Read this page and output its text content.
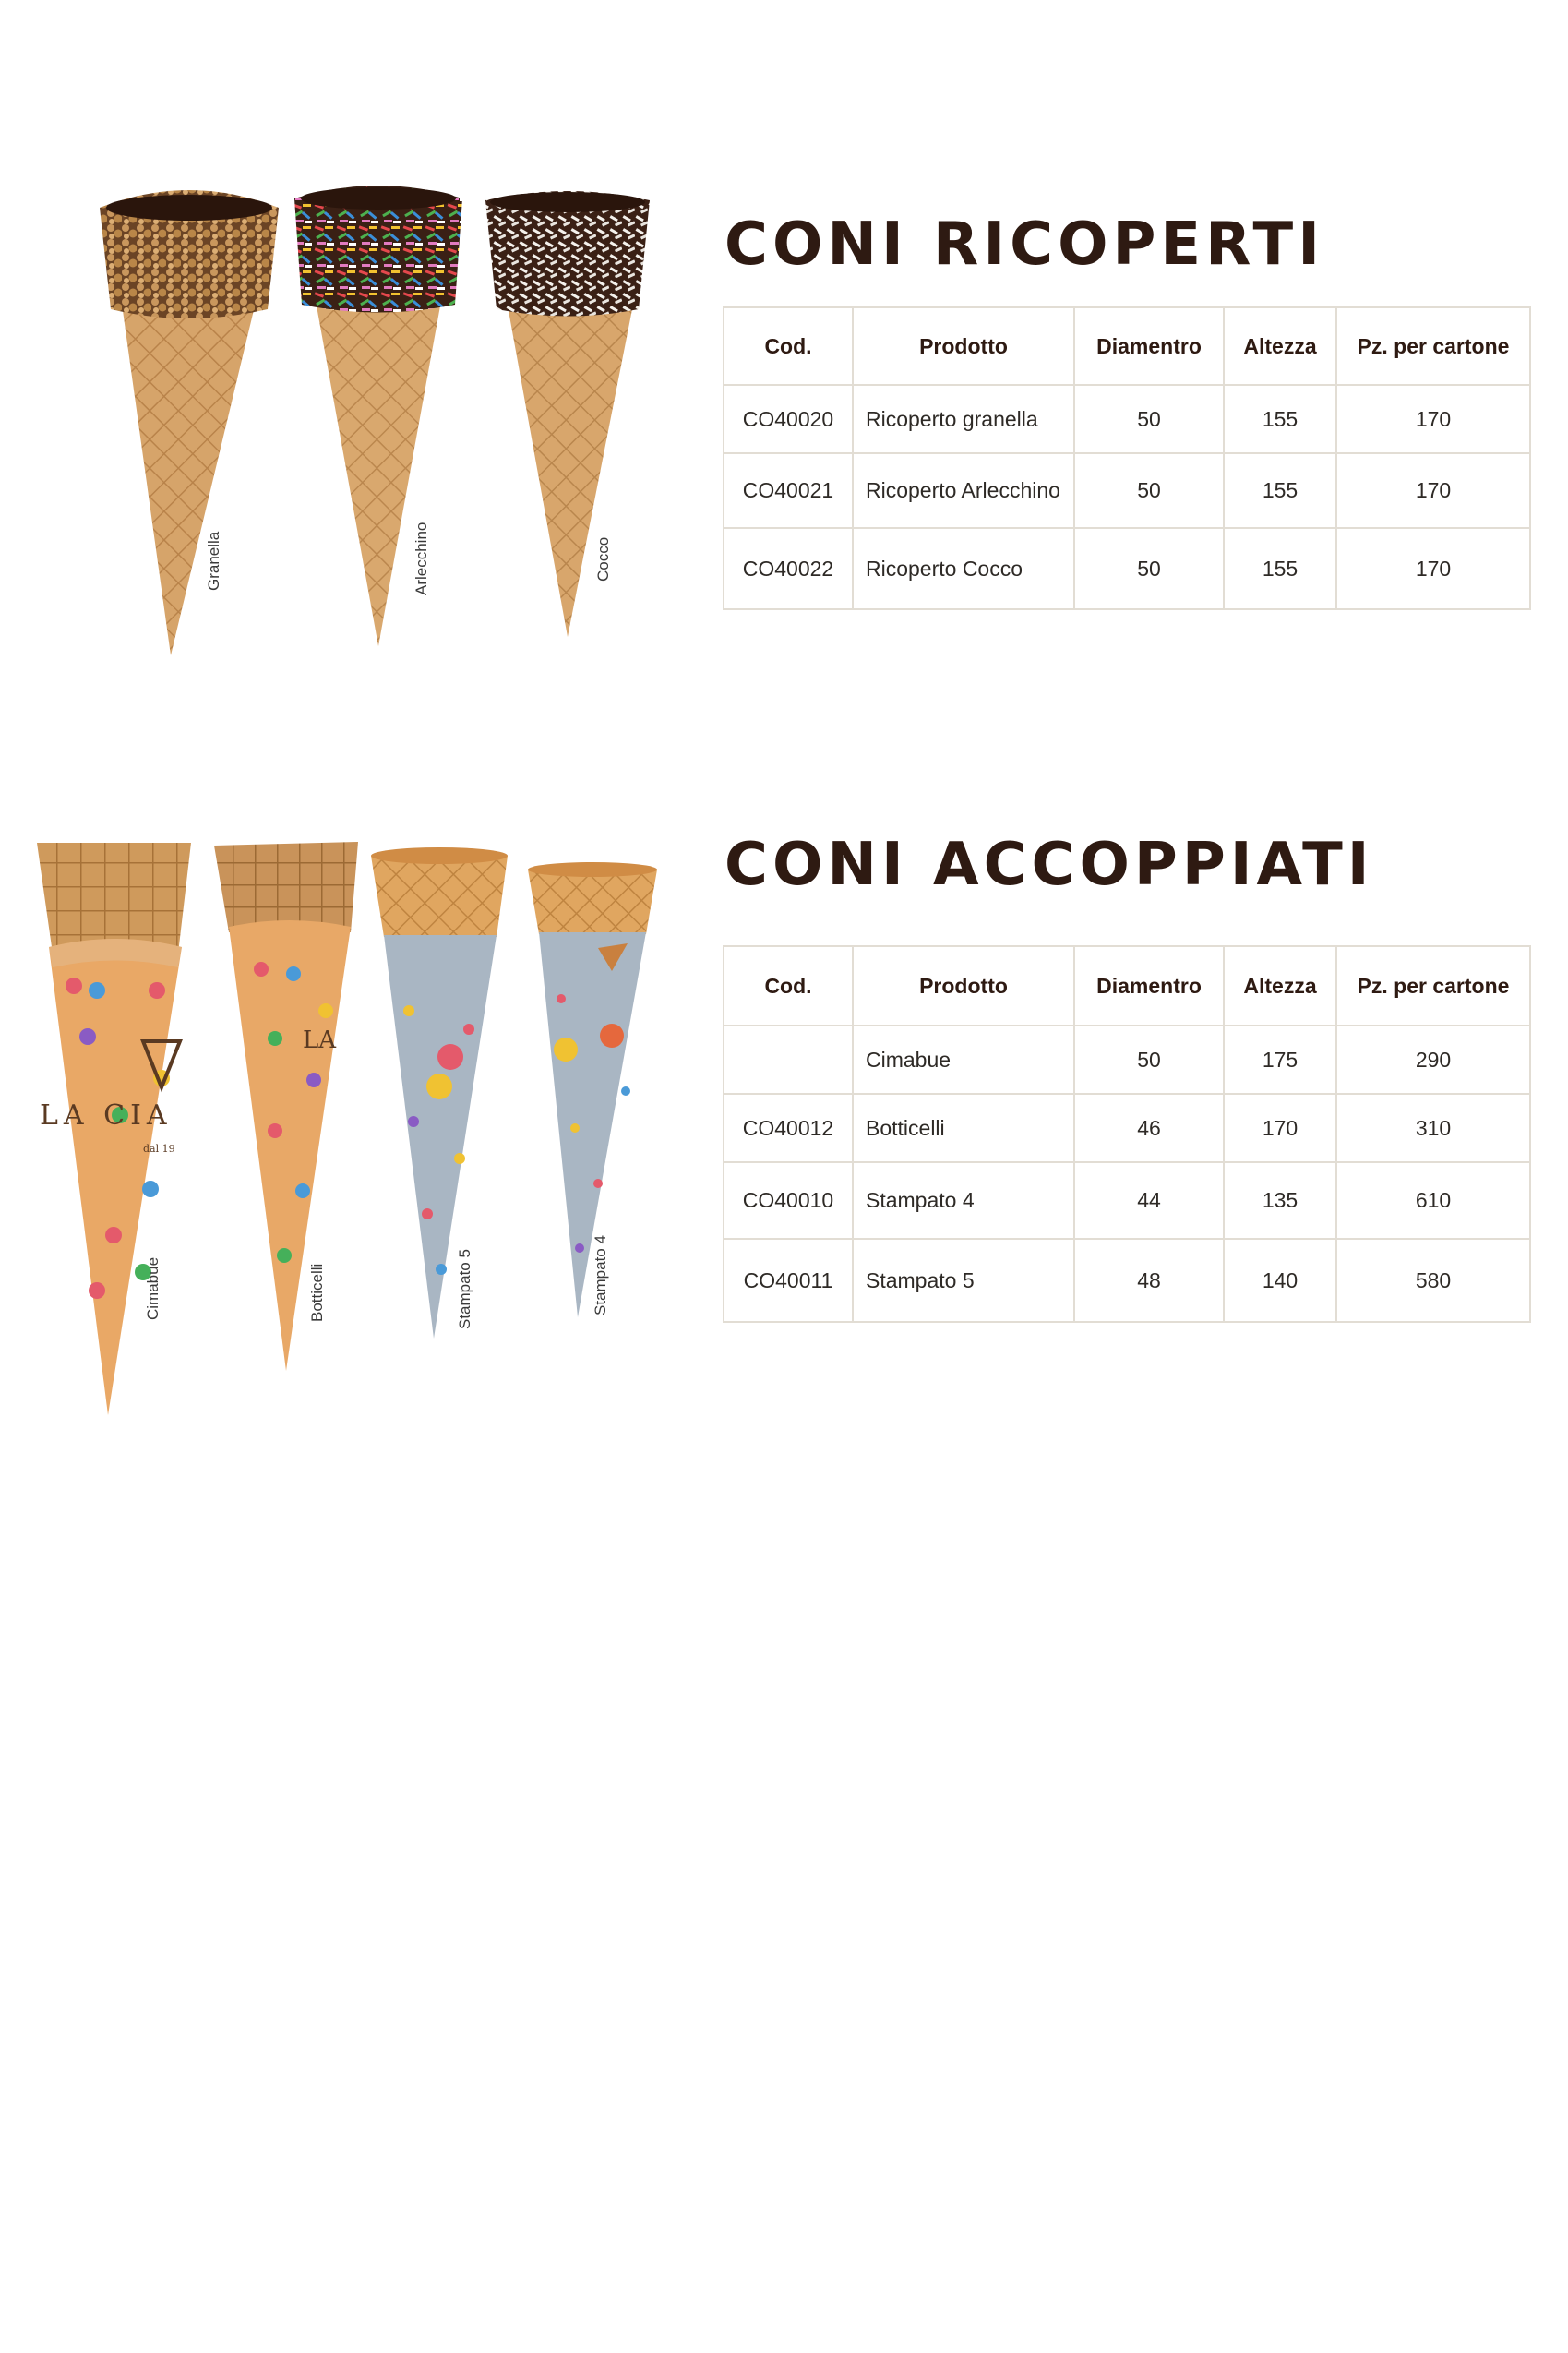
Granella	Arlecchino	Cocco
CONI RICOPERTI
Cod.	Prodotto	Diamentro	Altezza	Pz. per cartone
CO40020	Ricoperto granella	50	155	170
CO40021	Ricoperto Arlecchino	50	155	170
CO40022	Ricoperto Cocco	50	155	170
LA CIA
dal 19
Cimabue
LA
Botticelli	Stampato 5	Stampato 4
CONI ACCOPPIATI
Cod.	Prodotto	Diamentro	Altezza	Pz. per cartone
	Cimabue	50	175	290
CO40012	Botticelli	46	170	310
CO40010	Stampato 4	44	135	610
CO40011	Stampato 5	48	140	580
